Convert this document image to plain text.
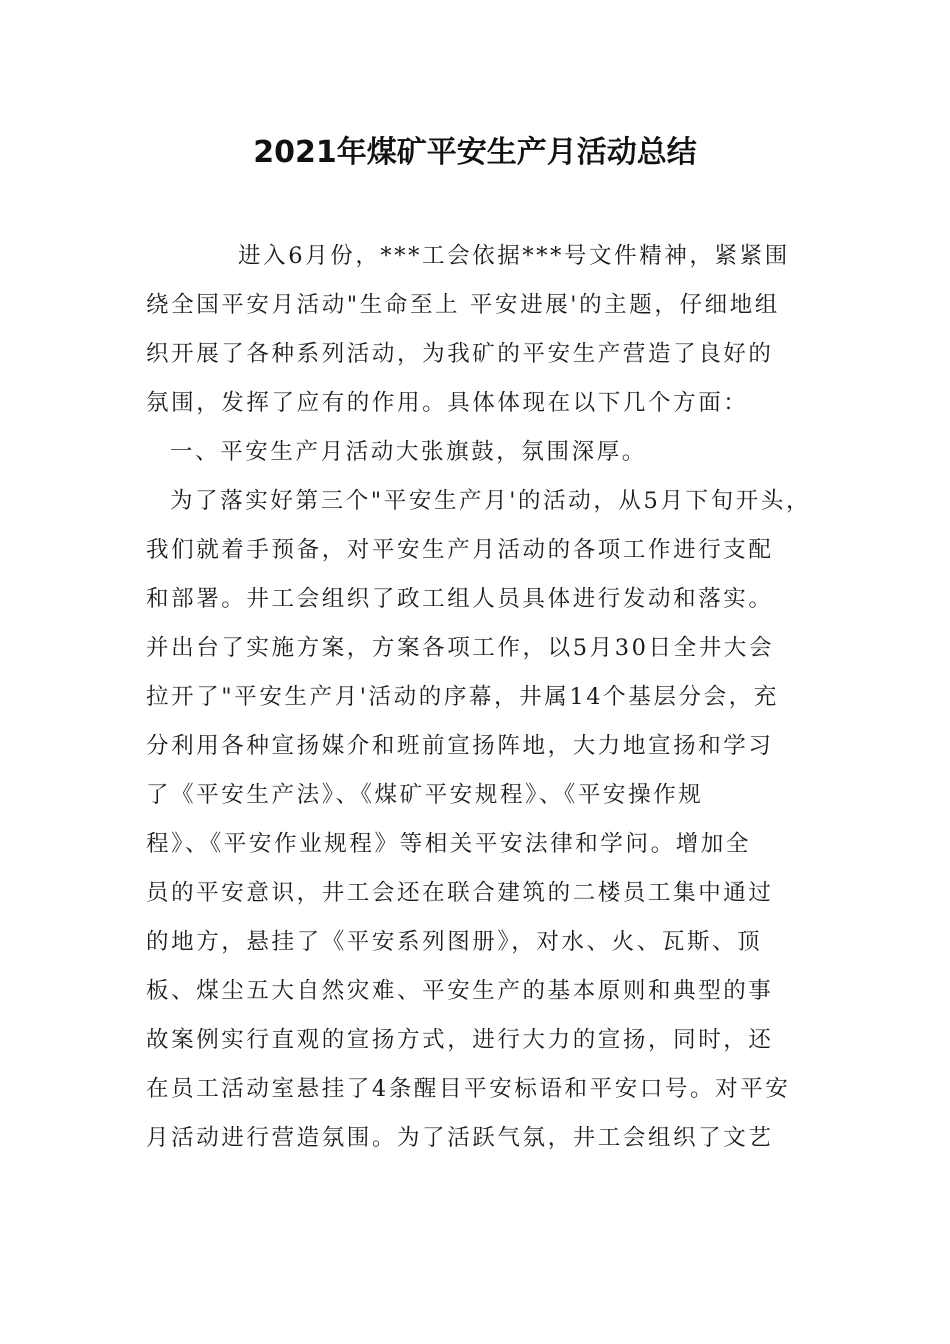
2021年煤矿平安生产月活动总结
进入6月份，***工会依据***号文件精神，紧紧围
绕全国平安月活动"生命至上 平安进展'的主题，仔细地组
织开展了各种系列活动，为我矿的平安生产营造了良好的
氛围，发挥了应有的作用。具体体现在以下几个方面：
一、平安生产月活动大张旗鼓，氛围深厚。
为了落实好第三个"平安生产月'的活动，从5月下旬开头，
我们就着手预备，对平安生产月活动的各项工作进行支配
和部署。井工会组织了政工组人员具体进行发动和落实。
并出台了实施方案，方案各项工作，以5月30日全井大会
拉开了"平安生产月'活动的序幕，井属14个基层分会，充
分利用各种宣扬媒介和班前宣扬阵地，大力地宣扬和学习
了《平安生产法》、《煤矿平安规程》、《平安操作规
程》、《平安作业规程》等相关平安法律和学问。增加全
员的平安意识，井工会还在联合建筑的二楼员工集中通过
的地方，悬挂了《平安系列图册》，对水、火、瓦斯、顶
板、煤尘五大自然灾难、平安生产的基本原则和典型的事
故案例实行直观的宣扬方式，进行大力的宣扬，同时，还
在员工活动室悬挂了4条醒目平安标语和平安口号。对平安
月活动进行营造氛围。为了活跃气氛，井工会组织了文艺
